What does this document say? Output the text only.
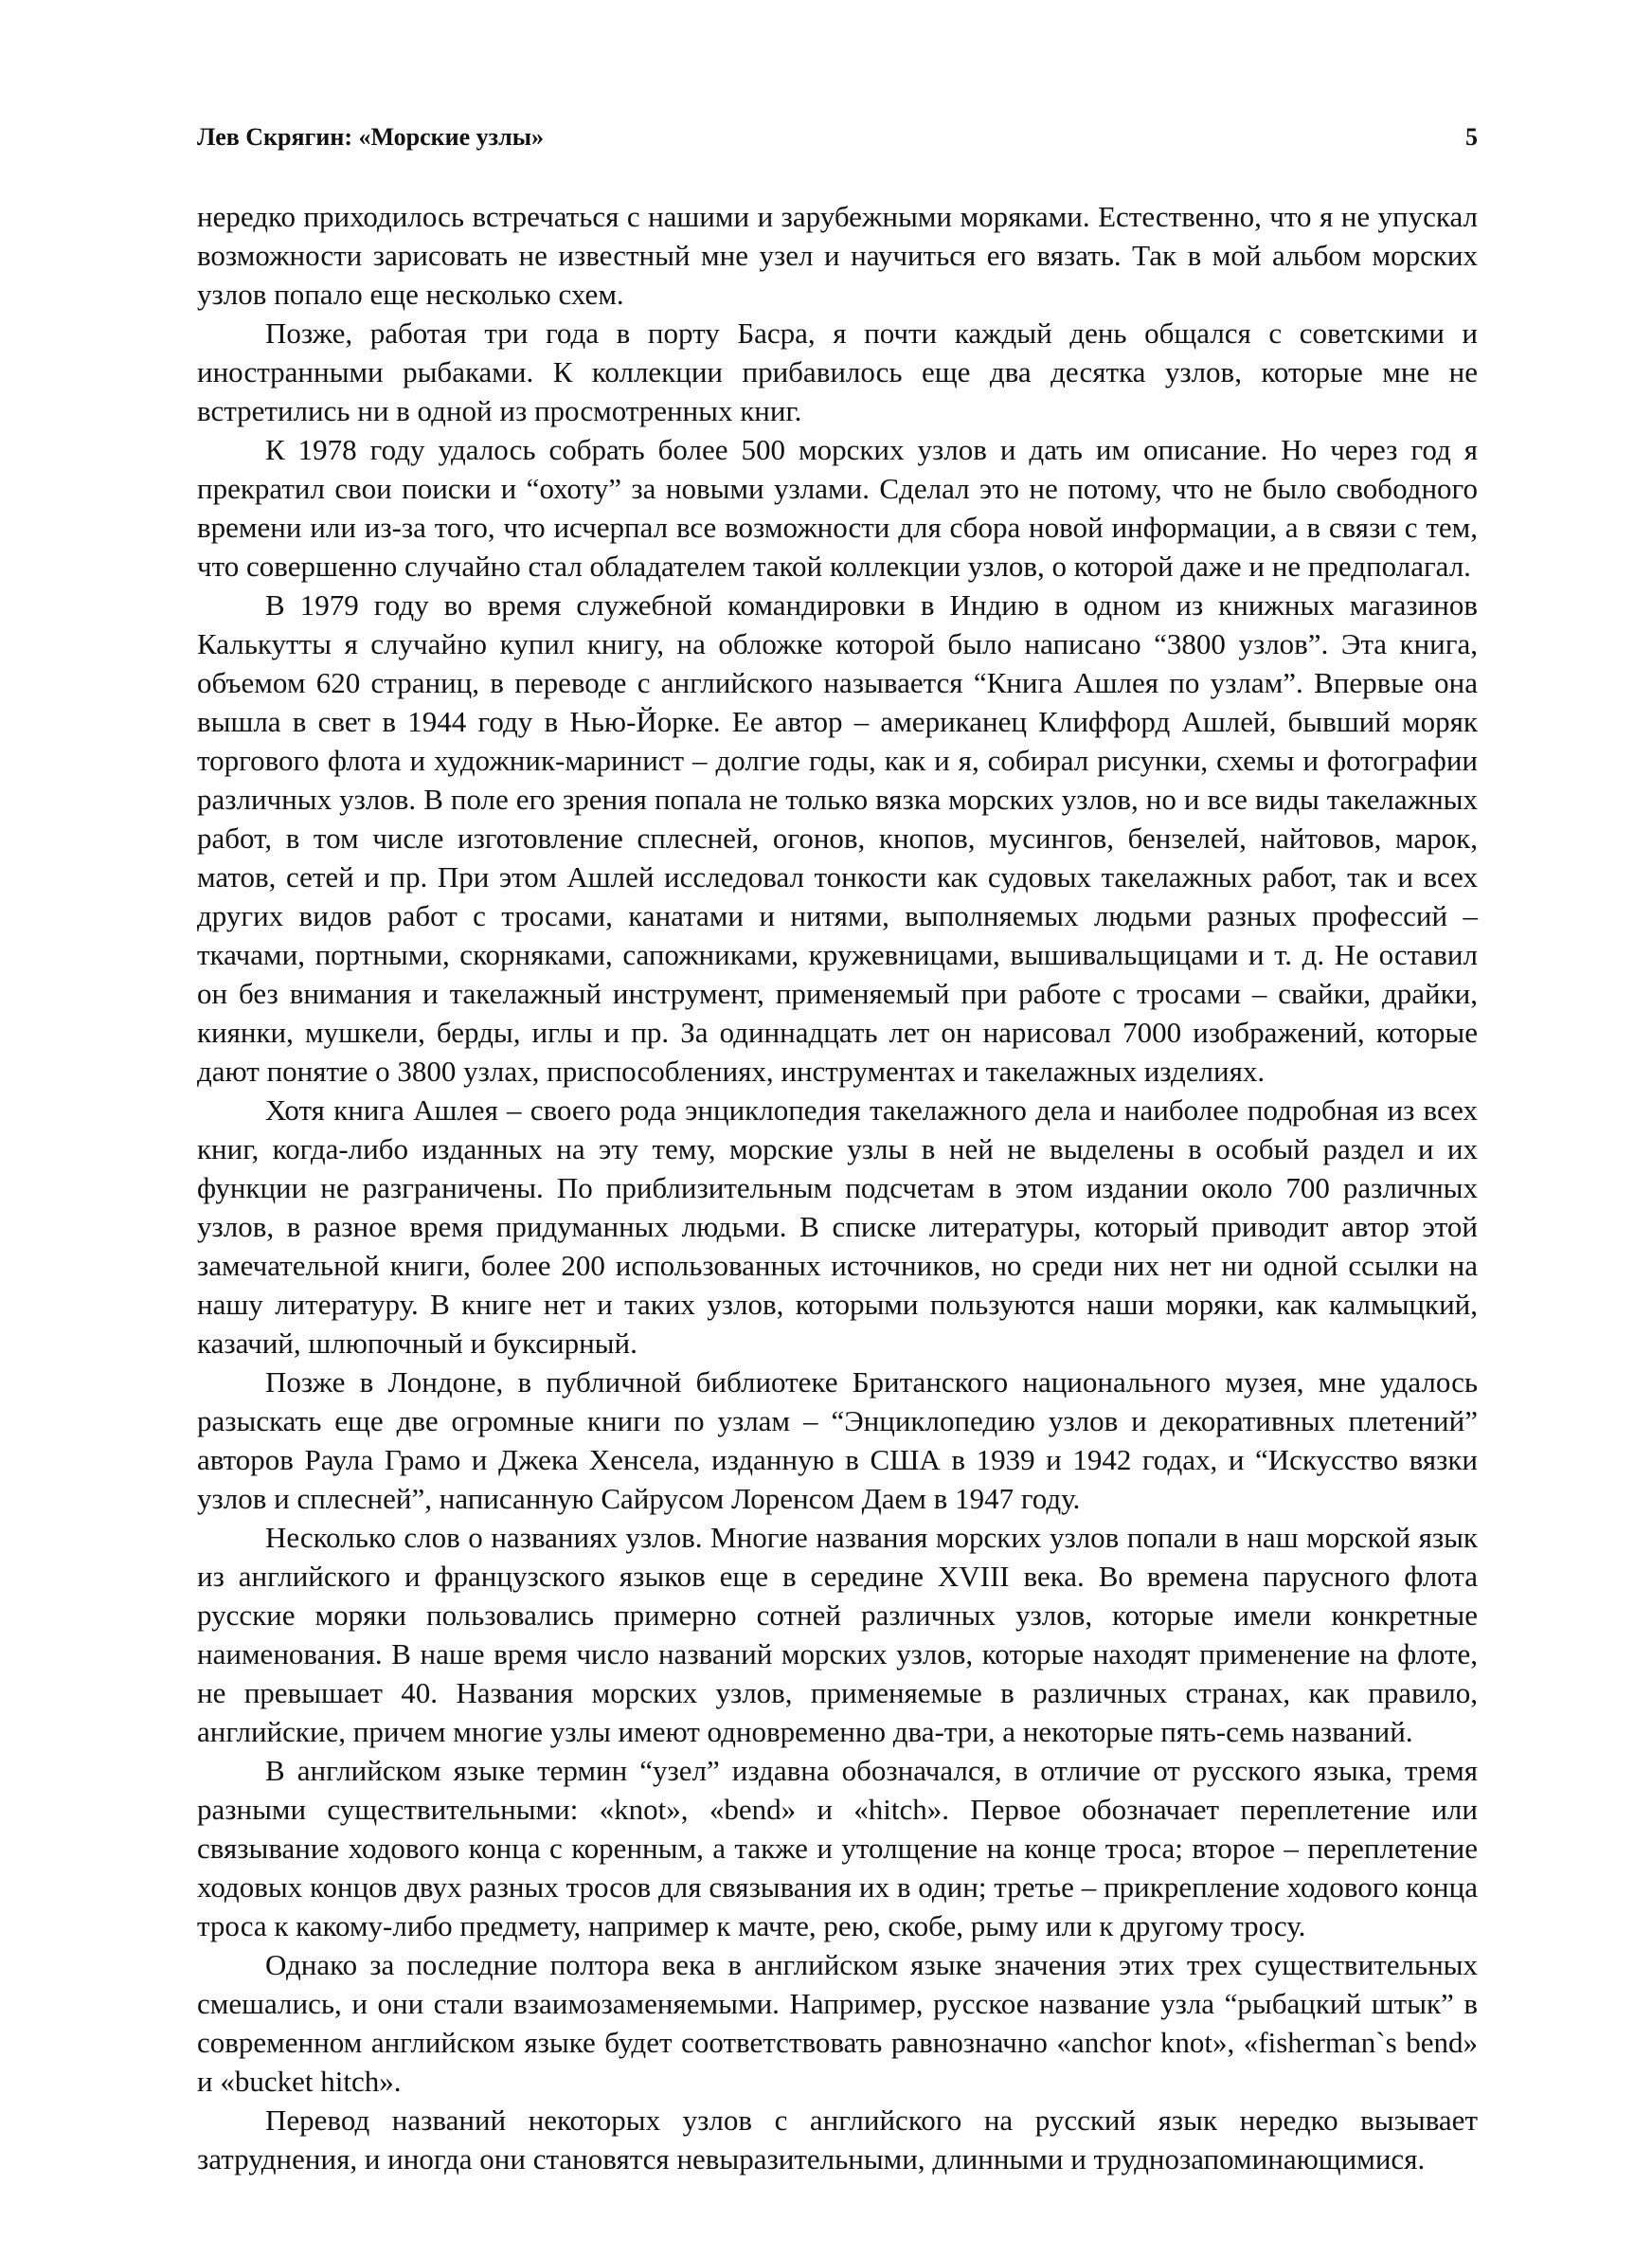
Лев Скрягин: «Морские узлы»	5

нередко приходилось встречаться с нашими и зарубежными моряками. Естественно, что я не упускал возможности зарисовать не известный мне узел и научиться его вязать. Так в мой альбом морских узлов попало еще несколько схем.

Позже, работая три года в порту Басра, я почти каждый день общался с советскими и иностранными рыбаками. К коллекции прибавилось еще два десятка узлов, которые мне не встретились ни в одной из просмотренных книг.

К 1978 году удалось собрать более 500 морских узлов и дать им описание. Но через год я прекратил свои поиски и “охоту” за новыми узлами. Сделал это не потому, что не было свободного времени или из-за того, что исчерпал все возможности для сбора новой информации, а в связи с тем, что совершенно случайно стал обладателем такой коллекции узлов, о которой даже и не предполагал.

В 1979 году во время служебной командировки в Индию в одном из книжных магазинов Калькутты я случайно купил книгу, на обложке которой было написано “3800 узлов”. Эта книга, объемом 620 страниц, в переводе с английского называется “Книга Ашлея по узлам”. Впервые она вышла в свет в 1944 году в Нью-Йорке. Ее автор – американец Клиффорд Ашлей, бывший моряк торгового флота и художник-маринист – долгие годы, как и я, собирал рисунки, схемы и фотографии различных узлов. В поле его зрения попала не только вязка морских узлов, но и все виды такелажных работ, в том числе изготовление сплесней, огонов, кнопов, мусингов, бензелей, найтовов, марок, матов, сетей и пр. При этом Ашлей исследовал тонкости как судовых такелажных работ, так и всех других видов работ с тросами, канатами и нитями, выполняемых людьми разных профессий – ткачами, портными, скорняками, сапожниками, кружевницами, вышивальщицами и т. д. Не оставил он без внимания и такелажный инструмент, применяемый при работе с тросами – свайки, драйки, киянки, мушкели, берды, иглы и пр. За одиннадцать лет он нарисовал 7000 изображений, которые дают понятие о 3800 узлах, приспособлениях, инструментах и такелажных изделиях.

Хотя книга Ашлея – своего рода энциклопедия такелажного дела и наиболее подробная из всех книг, когда-либо изданных на эту тему, морские узлы в ней не выделены в особый раздел и их функции не разграничены. По приблизительным подсчетам в этом издании около 700 различных узлов, в разное время придуманных людьми. В списке литературы, который приводит автор этой замечательной книги, более 200 использованных источников, но среди них нет ни одной ссылки на нашу литературу. В книге нет и таких узлов, которыми пользуются наши моряки, как калмыцкий, казачий, шлюпочный и буксирный.

Позже в Лондоне, в публичной библиотеке Британского национального музея, мне удалось разыскать еще две огромные книги по узлам – “Энциклопедию узлов и декоративных плетений” авторов Раула Грамо и Джека Хенсела, изданную в США в 1939 и 1942 годах, и “Искусство вязки узлов и сплесней”, написанную Сайрусом Лоренсом Даем в 1947 году.

Несколько слов о названиях узлов. Многие названия морских узлов попали в наш морской язык из английского и французского языков еще в середине XVIII века. Во времена парусного флота русские моряки пользовались примерно сотней различных узлов, которые имели конкретные наименования. В наше время число названий морских узлов, которые находят применение на флоте, не превышает 40. Названия морских узлов, применяемые в различных странах, как правило, английские, причем многие узлы имеют одновременно два-три, а некоторые пять-семь названий.

В английском языке термин “узел” издавна обозначался, в отличие от русского языка, тремя разными существительными: «knot», «bend» и «hitch». Первое обозначает переплетение или связывание ходового конца с коренным, а также и утолщение на конце троса; второе – переплетение ходовых концов двух разных тросов для связывания их в один; третье – прикрепление ходового конца троса к какому-либо предмету, например к мачте, рею, скобе, рыму или к другому тросу.

Однако за последние полтора века в английском языке значения этих трех существительных смешались, и они стали взаимозаменяемыми. Например, русское название узла “рыбацкий штык” в современном английском языке будет соответствовать равнозначно «anchor knot», «fisherman`s bend» и «bucket hitch».

Перевод названий некоторых узлов с английского на русский язык нередко вызывает затруднения, и иногда они становятся невыразительными, длинными и труднозапоминающимися.
